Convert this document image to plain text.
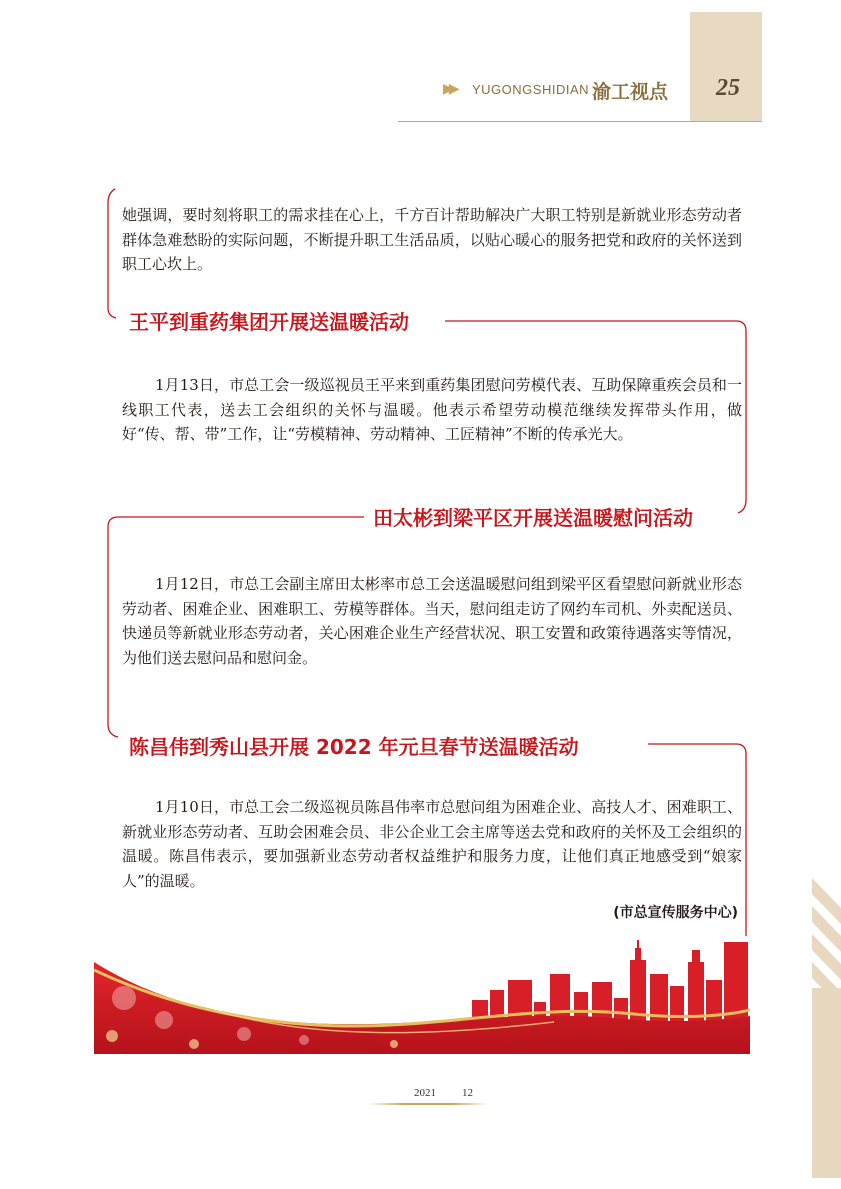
▶▶ YUGONGSHIDIAN 渝工视点 25

她强调，要时刻将职工的需求挂在心上，千方百计帮助解决广大职工特别是新就业形态劳动者群体急难愁盼的实际问题，不断提升职工生活品质，以贴心暖心的服务把党和政府的关怀送到职工心坎上。

王平到重药集团开展送温暖活动

1月13日，市总工会一级巡视员王平来到重药集团慰问劳模代表、互助保障重疾会员和一线职工代表，送去工会组织的关怀与温暖。他表示希望劳动模范继续发挥带头作用，做好“传、帮、带”工作，让“劳模精神、劳动精神、工匠精神”不断的传承光大。

田太彬到梁平区开展送温暖慰问活动

1月12日，市总工会副主席田太彬率市总工会送温暖慰问组到梁平区看望慰问新就业形态劳动者、困难企业、困难职工、劳模等群体。当天，慰问组走访了网约车司机、外卖配送员、快递员等新就业形态劳动者，关心困难企业生产经营状况、职工安置和政策待遇落实等情况，为他们送去慰问品和慰问金。

陈昌伟到秀山县开展 2022 年元旦春节送温暖活动

1月10日，市总工会二级巡视员陈昌伟率市总慰问组为困难企业、高技人才、困难职工、新就业形态劳动者、互助会困难会员、非公企业工会主席等送去党和政府的关怀及工会组织的温暖。陈昌伟表示，要加强新业态劳动者权益维护和服务力度，让他们真正地感受到“娘家人”的温暖。

(市总宣传服务中心)
2021 12
